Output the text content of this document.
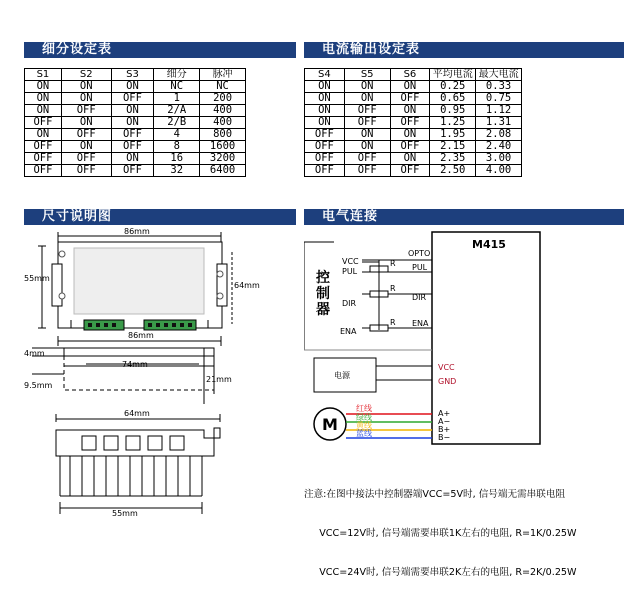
细分设定表	电流输出设定表
尺寸说明图	电气连接
S1	S2	S3	细分	脉冲
ON	ON	ON	NC	NC
ON	ON	OFF	1	200
ON	OFF	ON	2/A	400
OFF	ON	ON	2/B	400
ON	OFF	OFF	4	800
OFF	ON	OFF	8	1600
OFF	OFF	ON	16	3200
OFF	OFF	OFF	32	6400
S4	S5	S6	平均电流	最大电流
ON	ON	ON	0.25	0.33
ON	ON	OFF	0.65	0.75
ON	OFF	ON	0.95	1.12
ON	OFF	OFF	1.25	1.31
OFF	ON	ON	1.95	2.08
OFF	ON	OFF	2.15	2.40
OFF	OFF	ON	2.35	3.00
OFF	OFF	OFF	2.50	4.00
86mm
55mm
64mm
86mm
74mm
4mm
9.5mm
21mm
64mm
55mm
M415
控
制
器
VCC
PUL
DIR
ENA
R
R
R
OPTO
PUL
DIR
ENA
电源
VCC
GND
A+
A−
B+
B−
红线
绿线
黄线
蓝线
M

注意:在图中接法中控制器端VCC=5V时, 信号端无需串联电阻

VCC=12V时, 信号端需要串联1K左右的电阻, R=1K/0.25W

VCC=24V时, 信号端需要串联2K左右的电阻, R=2K/0.25W
